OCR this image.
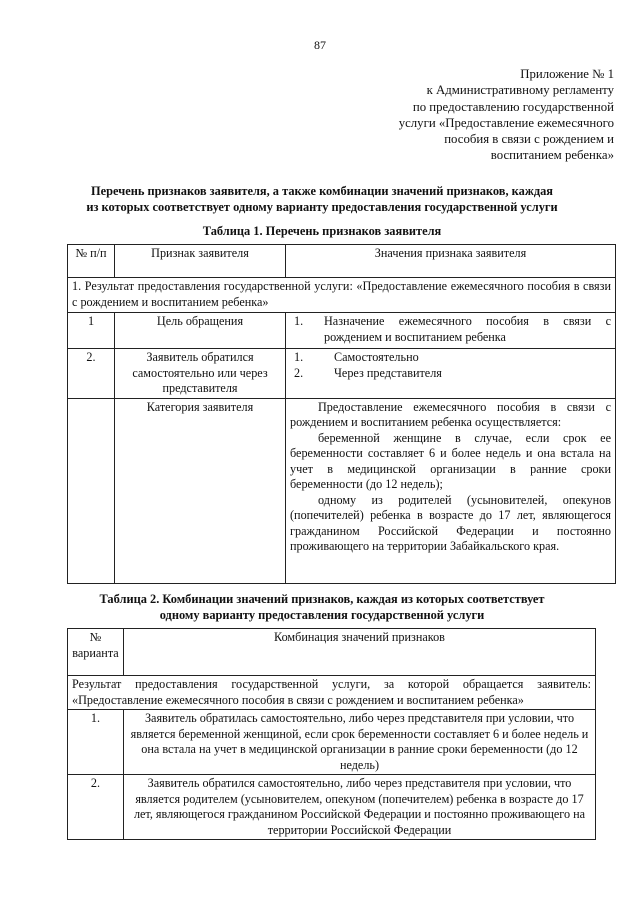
87
Приложение № 1
к Административному регламенту
по предоставлению государственной
услуги «Предоставление ежемесячного
пособия в связи с рождением и
воспитанием ребенка»
Перечень признаков заявителя, а также комбинации значений признаков, каждая
из которых соответствует одному варианту предоставления государственной услуги
Таблица 1. Перечень признаков заявителя
№ п/п	Признак заявителя	Значения признака заявителя
1. Результат предоставления государственной услуги: «Предоставление ежемесячного пособия в связи с рождением и воспитанием ребенка»		
1	Цель обращения	1. Назначение ежемесячного пособия в связи с рождением и воспитанием ребенка

2.	Заявитель обратился самостоятельно или через представителя	1. Самостоятельно
2. Через представителя

	Категория заявителя	Предоставление ежемесячного пособия в связи с рождением и воспитанием ребенка осуществляется:
беременной женщине в случае, если срок ее беременности составляет 6 и более недель и она встала на учет в медицинской организации в ранние сроки беременности (до 12 недель);
одному из родителей (усыновителей, опекунов (попечителей) ребенка в возрасте до 17 лет, являющегося гражданином Российской Федерации и постоянно проживающего на территории Забайкальского края.
Таблица 2. Комбинации значений признаков, каждая из которых соответствует
одному варианту предоставления государственной услуги
№ варианта	Комбинация значений признаков
Результат предоставления государственной услуги, за которой обращается заявитель: «Предоставление ежемесячного пособия в связи с рождением и воспитанием ребенка»	
1.	Заявитель обратилась самостоятельно, либо через представителя при условии, что является беременной женщиной, если срок беременности составляет 6 и более недель и она встала на учет в медицинской организации в ранние сроки беременности (до 12 недель)
2.	Заявитель обратился самостоятельно, либо через представителя при условии, что является родителем (усыновителем, опекуном (попечителем) ребенка в возрасте до 17 лет, являющегося гражданином Российской Федерации и постоянно проживающего на территории Российской Федерации
